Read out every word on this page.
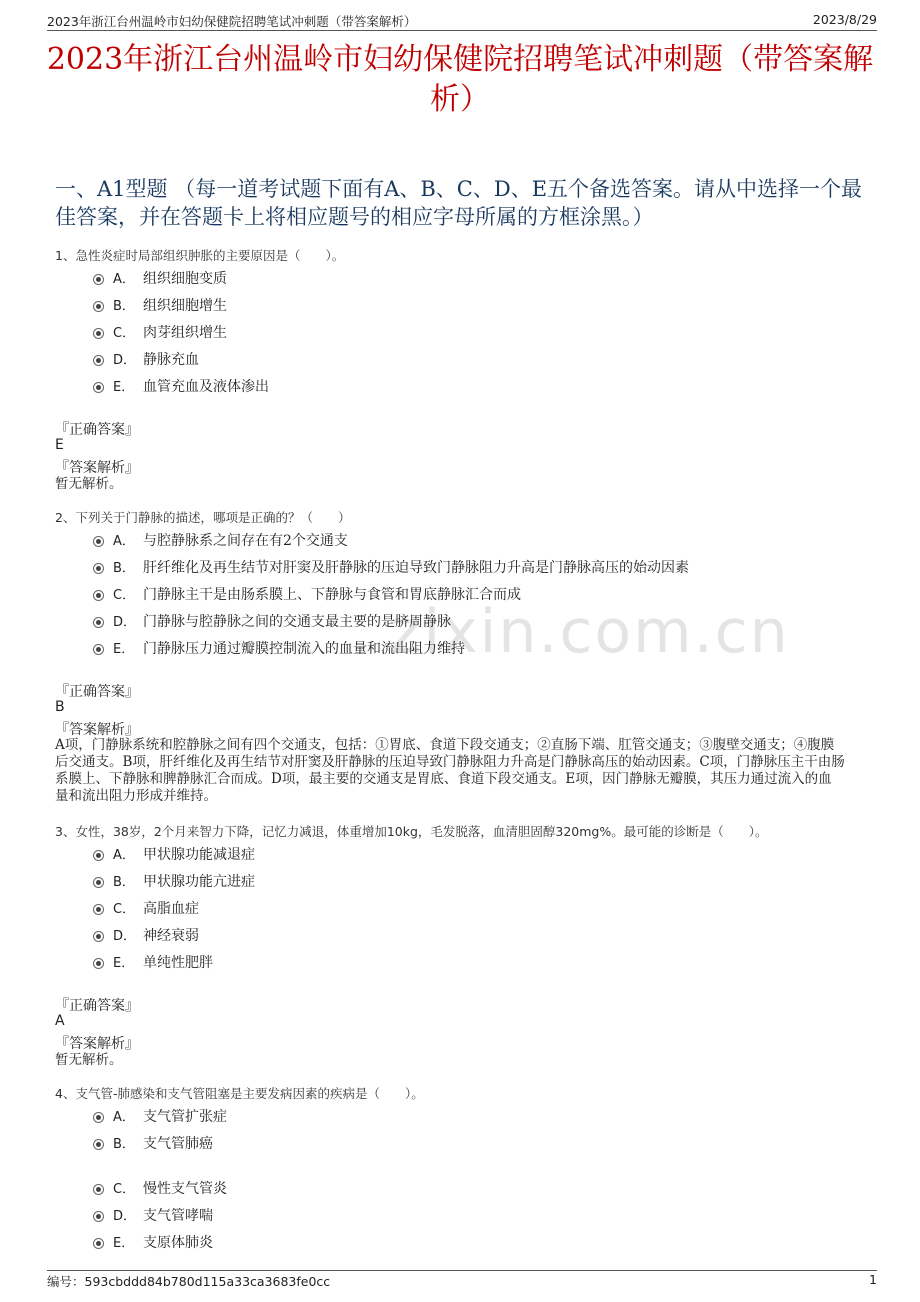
2023年浙江台州温岭市妇幼保健院招聘笔试冲刺题（带答案解析）	2023/8/29
2023年浙江台州温岭市妇幼保健院招聘笔试冲刺题（带答案解析）
一、A1型题 （每一道考试题下面有A、B、C、D、E五个备选答案。请从中选择一个最佳答案，并在答题卡上将相应题号的相应字母所属的方框涂黑。）
zixin.com.cn
1、急性炎症时局部组织肿胀的主要原因是（　　）。
A． 组织细胞变质
B． 组织细胞增生
C． 肉芽组织增生
D． 静脉充血
E． 血管充血及液体渗出
『正确答案』
E
『答案解析』
暂无解析。
2、下列关于门静脉的描述，哪项是正确的？（　　）
A． 与腔静脉系之间存在有2个交通支
B． 肝纤维化及再生结节对肝窦及肝静脉的压迫导致门静脉阻力升高是门静脉高压的始动因素
C． 门静脉主干是由肠系膜上、下静脉与食管和胃底静脉汇合而成
D． 门静脉与腔静脉之间的交通支最主要的是脐周静脉
E． 门静脉压力通过瓣膜控制流入的血量和流出阻力维持
『正确答案』
B
『答案解析』
A项，门静脉系统和腔静脉之间有四个交通支，包括：①胃底、食道下段交通支；②直肠下端、肛管交通支；③腹壁交通支；④腹膜后交通支。B项，肝纤维化及再生结节对肝窦及肝静脉的压迫导致门静脉阻力升高是门静脉高压的始动因素。C项，门静脉压主干由肠系膜上、下静脉和脾静脉汇合而成。D项，最主要的交通支是胃底、食道下段交通支。E项，因门静脉无瓣膜，其压力通过流入的血量和流出阻力形成并维持。
3、女性，38岁，2个月来智力下降，记忆力减退，体重增加10kg，毛发脱落，血清胆固醇320mg%。最可能的诊断是（　　）。
A． 甲状腺功能减退症
B． 甲状腺功能亢进症
C． 高脂血症
D． 神经衰弱
E． 单纯性肥胖
『正确答案』
A
『答案解析』
暂无解析。
4、支气管-肺感染和支气管阻塞是主要发病因素的疾病是（　　）。
A． 支气管扩张症
B． 支气管肺癌
C． 慢性支气管炎
D． 支气管哮喘
E． 支原体肺炎
编号：593cbddd84b780d115a33ca3683fe0cc	1
